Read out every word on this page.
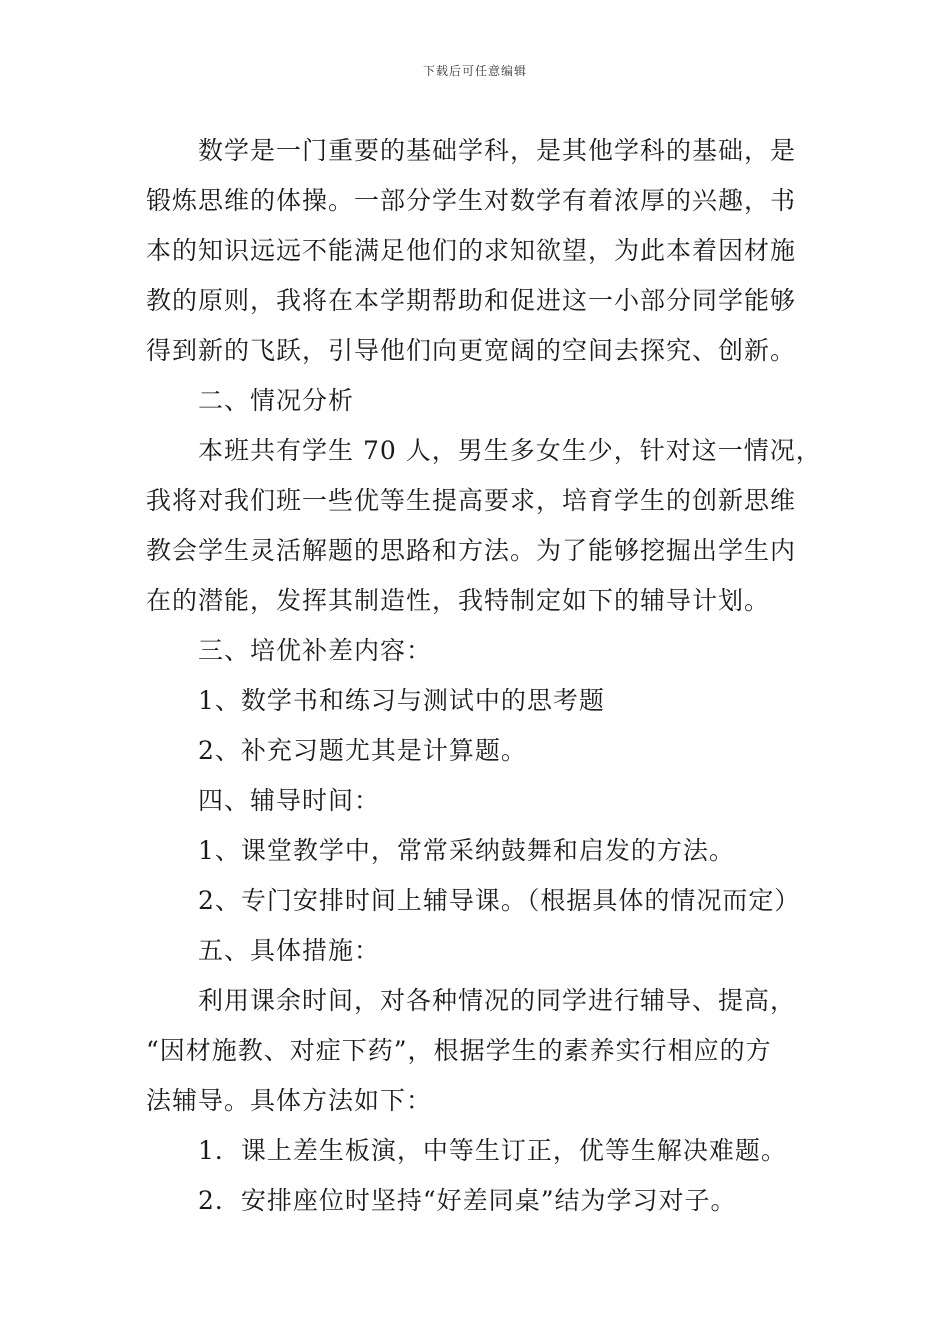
下载后可任意编辑
数学是一门重要的基础学科，是其他学科的基础，是
锻炼思维的体操。一部分学生对数学有着浓厚的兴趣，书
本的知识远远不能满足他们的求知欲望，为此本着因材施
教的原则，我将在本学期帮助和促进这一小部分同学能够
得到新的飞跃，引导他们向更宽阔的空间去探究、创新。
二、情况分析
本班共有学生 70 人，男生多女生少，针对这一情况，
我将对我们班一些优等生提高要求，培育学生的创新思维
教会学生灵活解题的思路和方法。为了能够挖掘出学生内
在的潜能，发挥其制造性，我特制定如下的辅导计划。
三、培优补差内容：
1、数学书和练习与测试中的思考题
2、补充习题尤其是计算题。
四、辅导时间：
1、课堂教学中，常常采纳鼓舞和启发的方法。
2、专门安排时间上辅导课。（根据具体的情况而定）
五、具体措施：
利用课余时间，对各种情况的同学进行辅导、提高，
“因材施教、对症下药”，根据学生的素养实行相应的方
法辅导。具体方法如下：
1．课上差生板演，中等生订正，优等生解决难题。
2．安排座位时坚持“好差同桌”结为学习对子。
